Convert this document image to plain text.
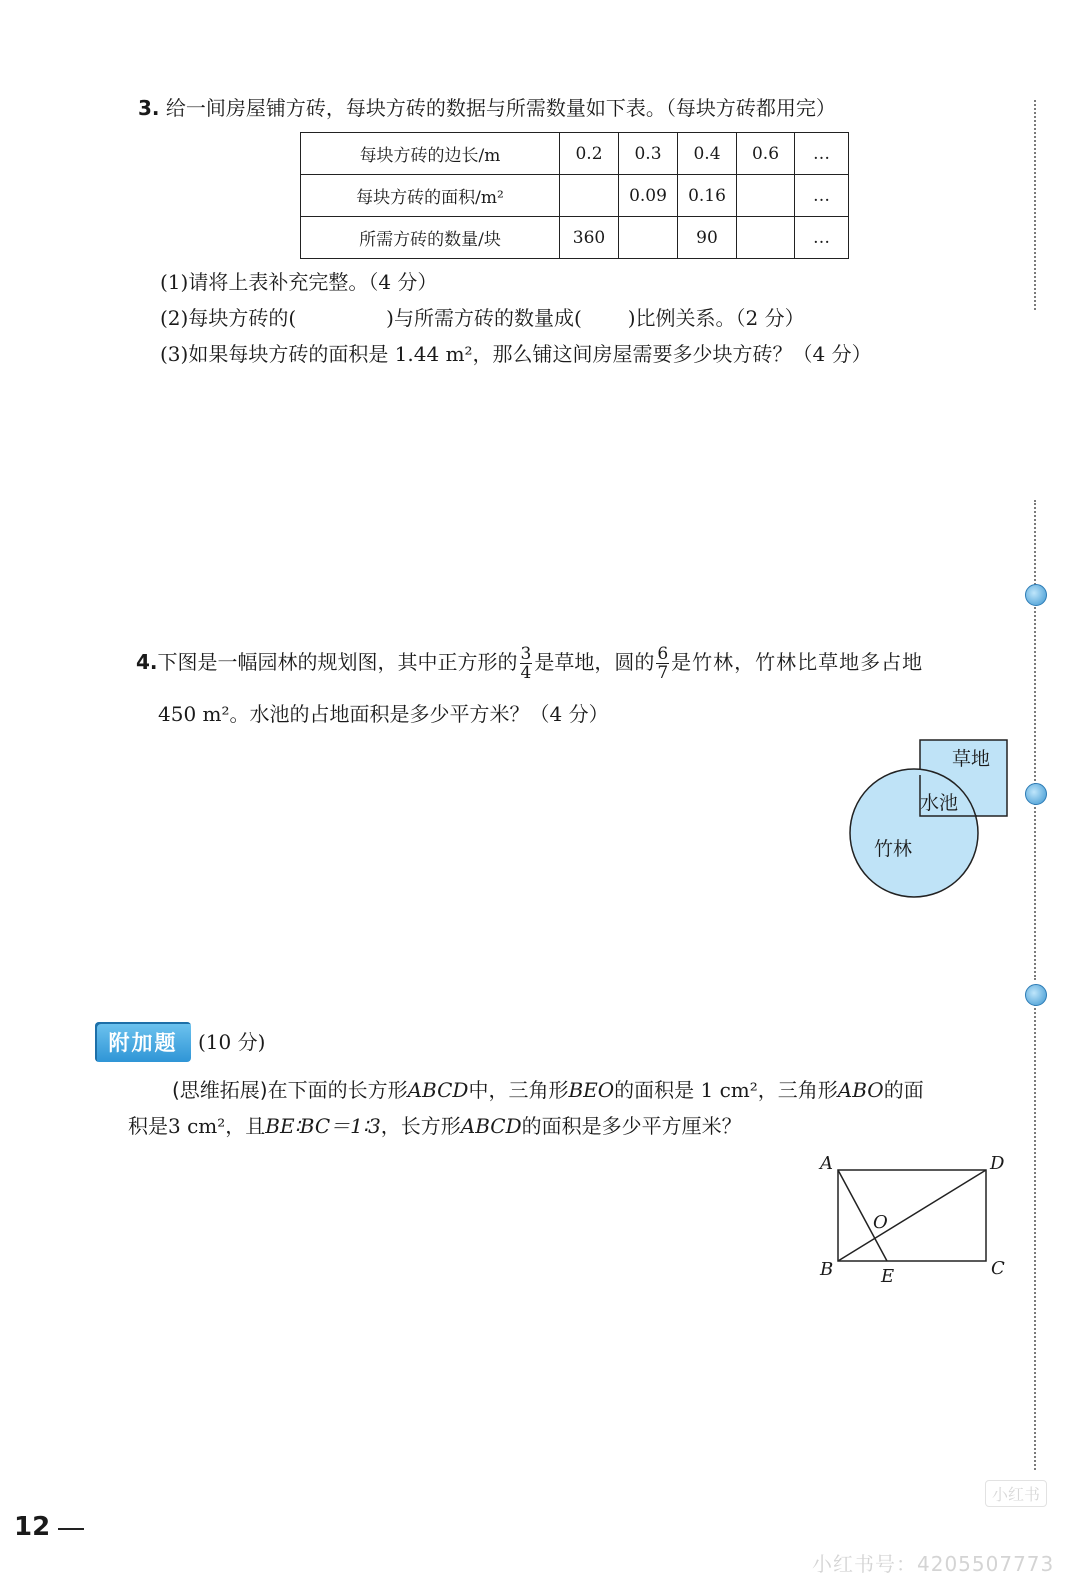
3. 给一间房屋铺方砖，每块方砖的数据与所需数量如下表。（每块方砖都用完）
每块方砖的边长/m	0.2	0.3	0.4	0.6	…
每块方砖的面积/m²		0.09	0.16		…
所需方砖的数量/块	360		90		…
(1)请将上表补充完整。（4 分）
(2)每块方砖的(	)与所需方砖的数量成( )比例关系。（2 分）
(3)如果每块方砖的面积是 1.44 m²，那么铺这间房屋需要多少块方砖？（4 分）
4.下图是一幅园林的规划图，其中正方形的 $\frac{3}{4}$ 是草地，圆的 $\frac{6}{7}$ 是竹林，竹林比草地多占地
450 m²。水池的占地面积是多少平方米？（4 分）
草地
水池
竹林
附加题	(10 分)
(思维拓展)在下面的长方形ABCD中，三角形BEO的面积是 1 cm²，三角形ABO的面
积是3 cm²，且BE∶BC＝1∶3，长方形ABCD的面积是多少平方厘米？
A	D
B	C
E
O
12
小红书
小红书号：4205507773
